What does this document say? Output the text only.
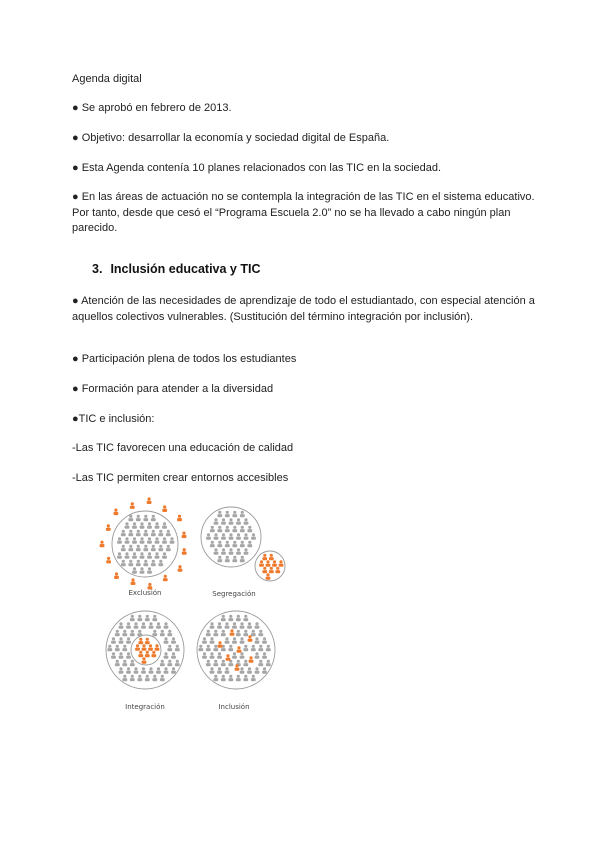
Agenda digital

● Se aprobó en febrero de 2013.

● Objetivo: desarrollar la economía y sociedad digital de España.

● Esta Agenda contenía 10 planes relacionados con las TIC en la sociedad.

● En las áreas de actuación no se contempla la integración de las TIC en el sistema educativo. Por tanto, desde que cesó el “Programa Escuela 2.0” no se ha llevado a cabo ningún plan parecido.

3. Inclusión educativa y TIC

● Atención de las necesidades de aprendizaje de todo el estudiantado, con especial atención a aquellos colectivos vulnerables. (Sustitución del término integración por inclusión).

● Participación plena de todos los estudiantes

● Formación para atender a la diversidad

●TIC e inclusión:

-Las TIC favorecen una educación de calidad

-Las TIC permiten crear entornos accesibles

Exclusión	Segregación
Integración	Inclusión
